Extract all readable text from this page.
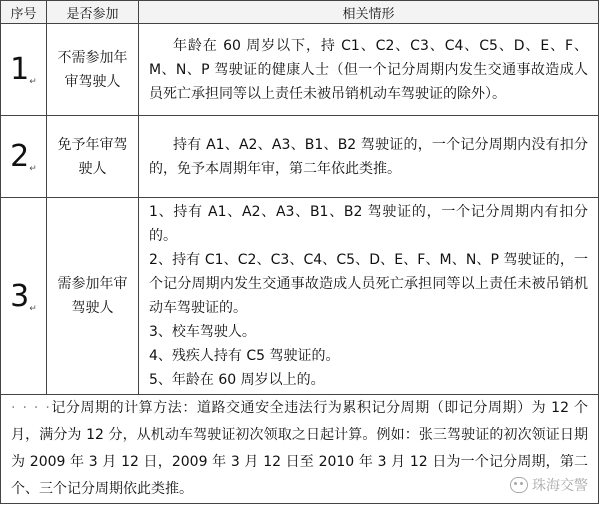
序号	是否参加	相关情形
1↵	不需参加年审驾驶人	年龄在 60 周岁以下，持 C1、C2、C3、C4、C5、D、E、F、M、N、P 驾驶证的健康人士（但一个记分周期内发生交通事故造成人员死亡承担同等以上责任未被吊销机动车驾驶证的除外）。

2↵	免予年审驾驶人	持有 A1、A2、A3、B1、B2 驾驶证的，一个记分周期内没有扣分的，免予本周期年审，第二年依此类推。

3↵	需参加年审驾驶人	1、持有 A1、A2、A3、B1、B2 驾驶证的，一个记分周期内有扣分的。
2、持有 C1、C2、C3、C4、C5、D、E、F、M、N、P 驾驶证的，一个记分周期内发生交通事故造成人员死亡承担同等以上责任未被吊销机动车驾驶证的。
3、校车驾驶人。
4、残疾人持有 C5 驾驶证的。
5、年龄在 60 周岁以上的。

· · · ·记分周期的计算方法：道路交通安全违法行为累积记分周期（即记分周期）为 12 个月，满分为 12 分，从机动车驾驶证初次领取之日起计算。例如：张三驾驶证的初次领证日期为 2009 年 3 月 12 日，2009 年 3 月 12 日至 2010 年 3 月 12 日为一个记分周期，第二个、三个记分周期依此类推。			珠海交警
